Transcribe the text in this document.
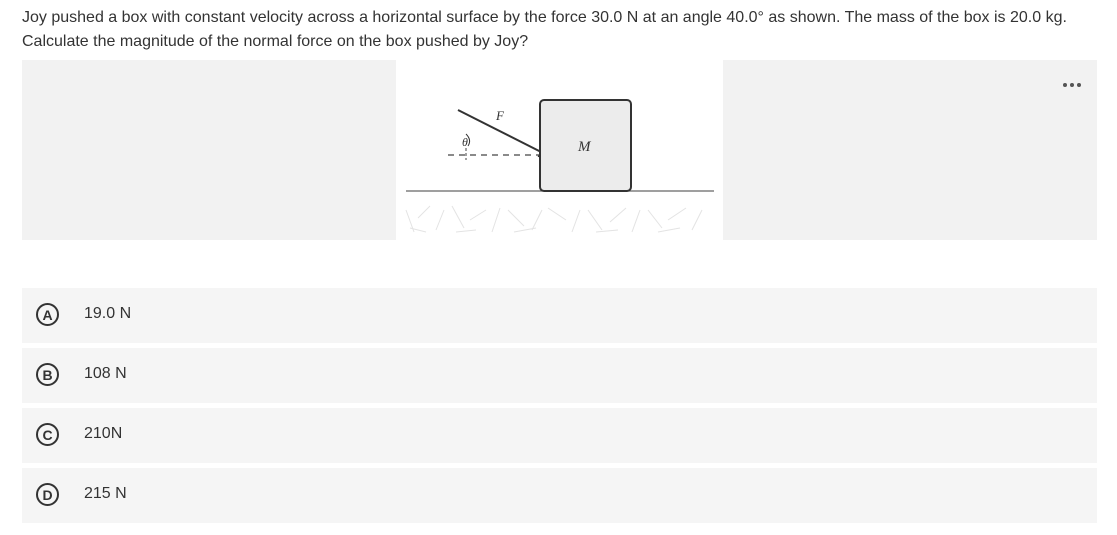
Joy pushed a box with constant velocity across a horizontal surface by the force 30.0 N at an angle 40.0° as shown. The mass of the box is 20.0 kg. Calculate the magnitude of the normal force on the box pushed by Joy?
F
θ	M
A	19.0 N
B	108 N
C	210N
D	215 N
